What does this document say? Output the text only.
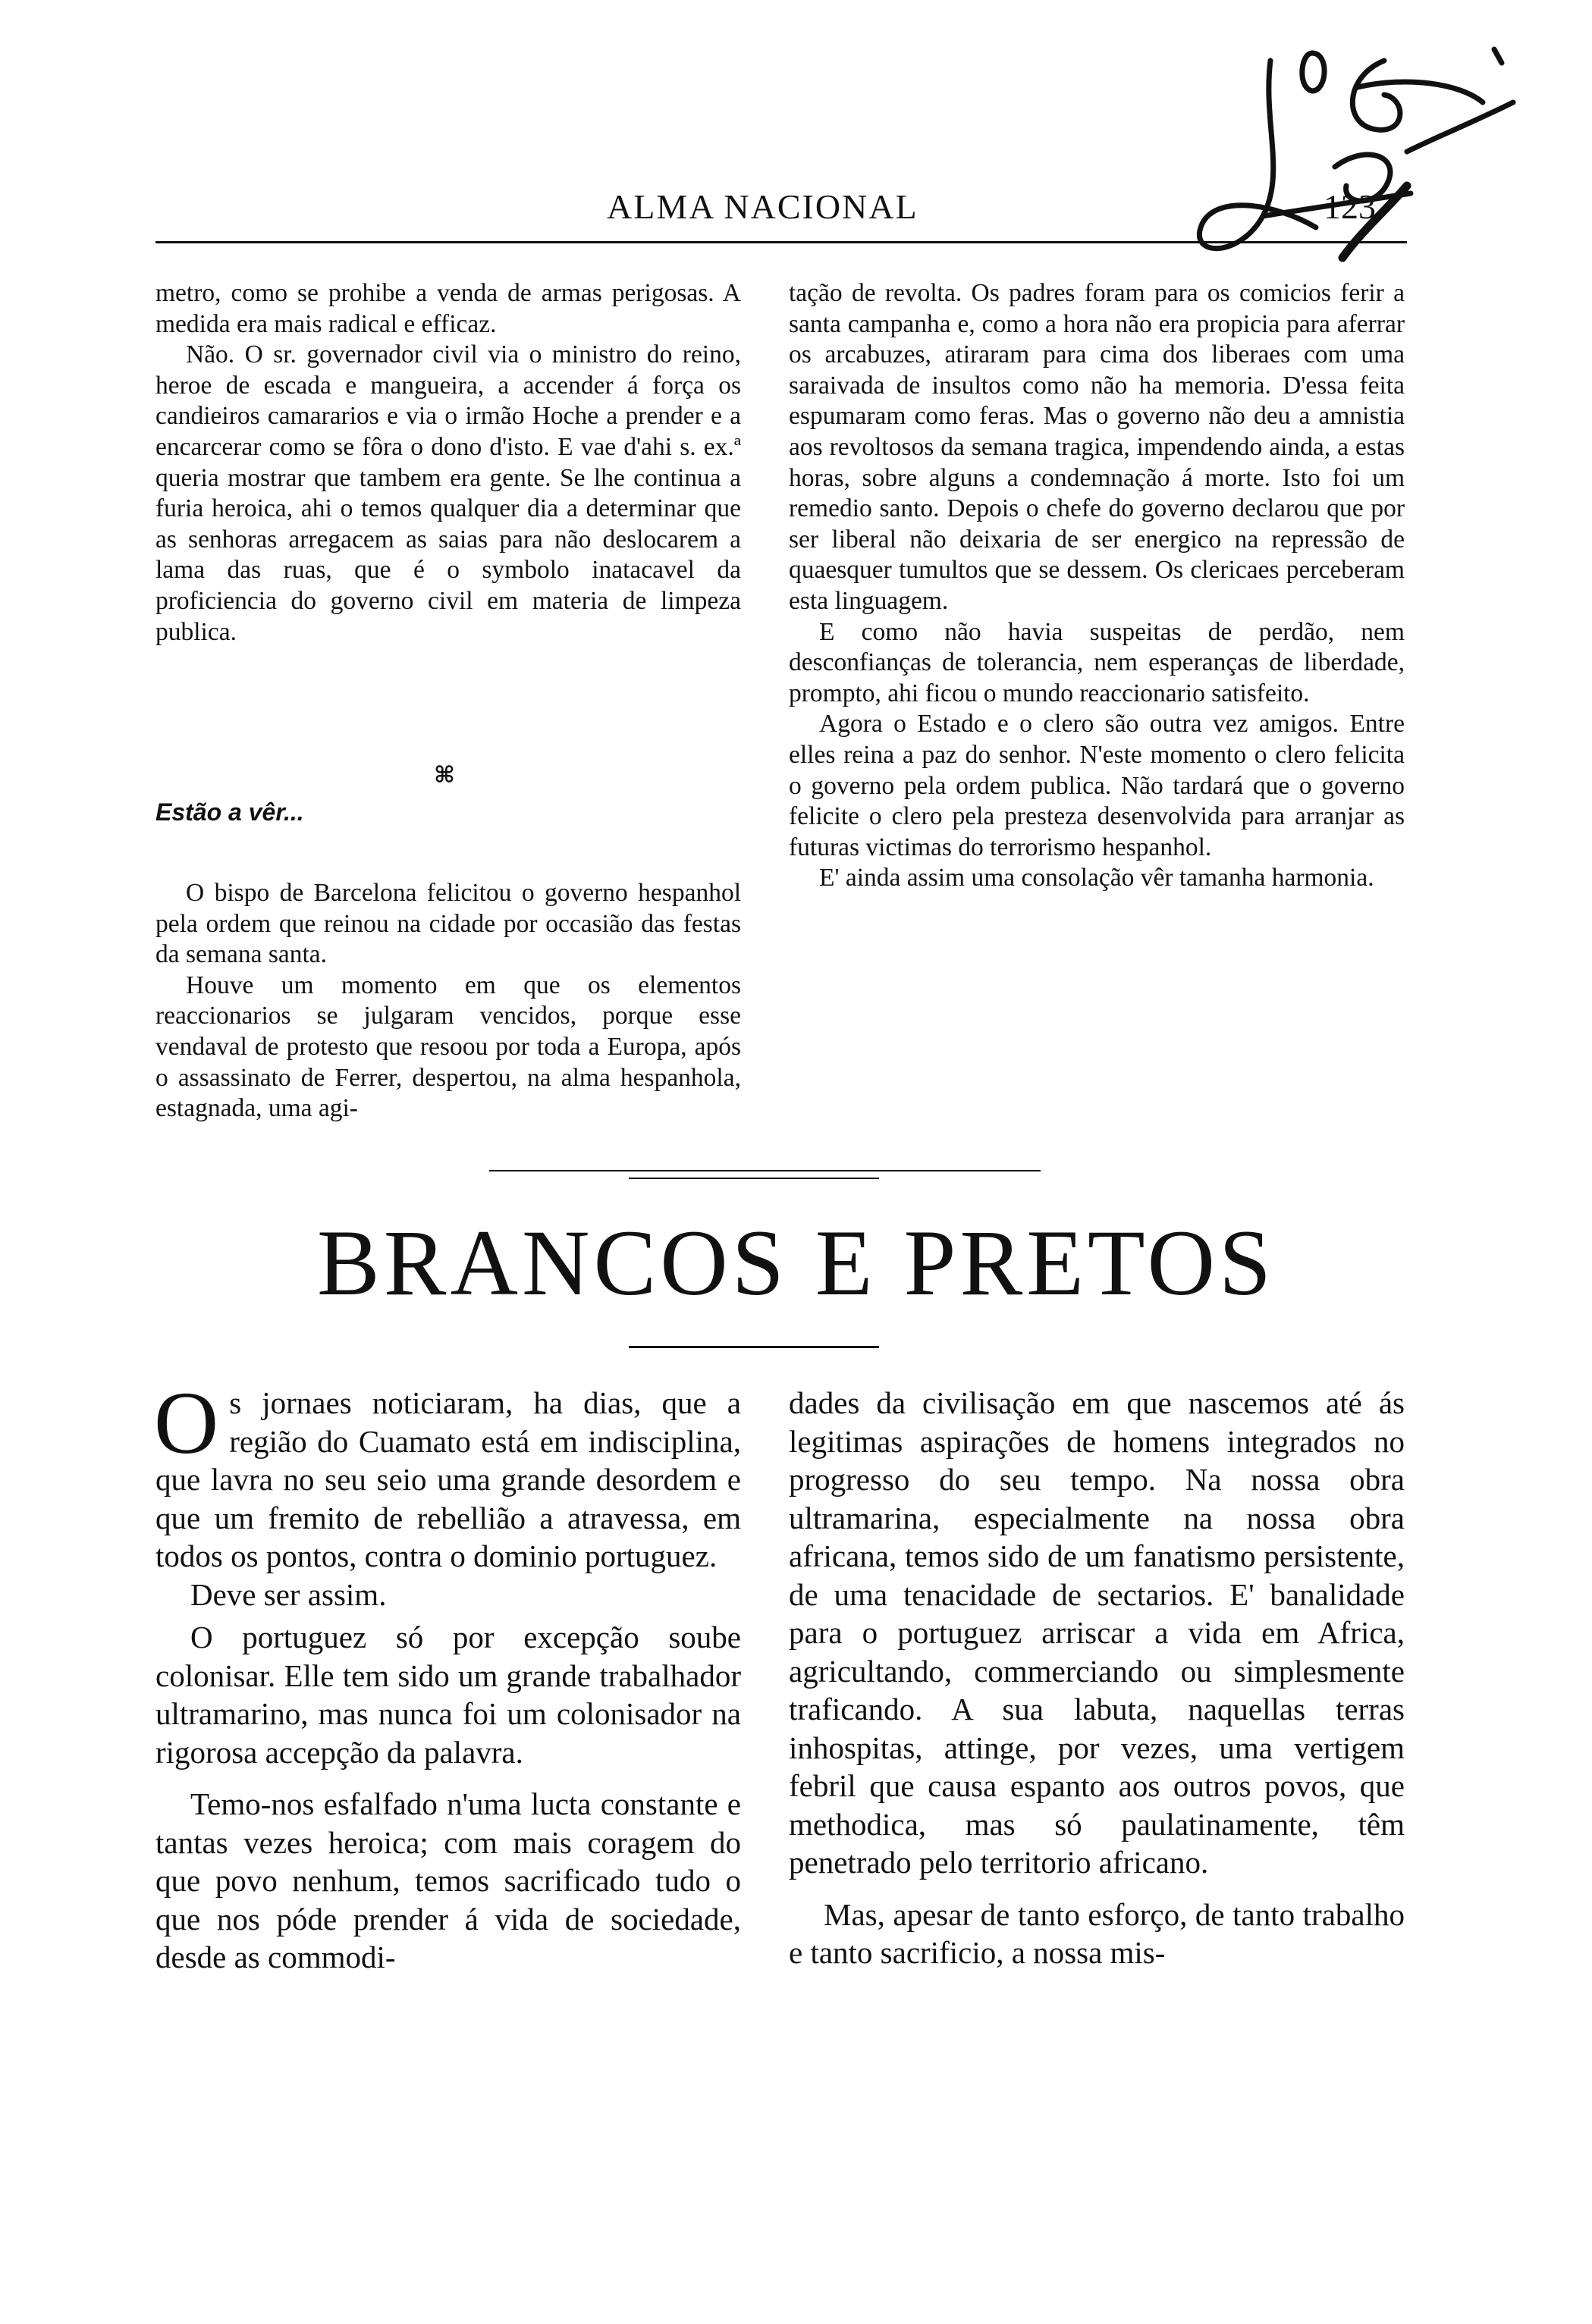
ALMA NACIONAL	123

metro, como se prohibe a venda de armas perigosas. A medida era mais radical e efficaz.

Não. O sr. governador civil via o ministro do reino, heroe de escada e mangueira, a accender á força os candieiros camararios e via o irmão Hoche a prender e a encarcerar como se fôra o dono d'isto. E vae d'ahi s. ex.ª queria mostrar que tambem era gente. Se lhe continua a furia heroica, ahi o temos qualquer dia a determinar que as senhoras arregacem as saias para não deslocarem a lama das ruas, que é o symbolo inatacavel da proficiencia do governo civil em materia de limpeza publica.

⌘
Estão a vêr...

O bispo de Barcelona felicitou o governo hespanhol pela ordem que reinou na cidade por occasião das festas da semana santa.

Houve um momento em que os elementos reaccionarios se julgaram vencidos, porque esse vendaval de protesto que resoou por toda a Europa, após o assassinato de Ferrer, despertou, na alma hespanhola, estagnada, uma agi-

tação de revolta. Os padres foram para os comicios ferir a santa campanha e, como a hora não era propicia para aferrar os arcabuzes, atiraram para cima dos liberaes com uma saraivada de insultos como não ha memoria. D'essa feita espumaram como feras. Mas o governo não deu a amnistia aos revoltosos da semana tragica, impendendo ainda, a estas horas, sobre alguns a condemnação á morte. Isto foi um remedio santo. Depois o chefe do governo declarou que por ser liberal não deixaria de ser energico na repressão de quaesquer tumultos que se dessem. Os clericaes perceberam esta linguagem.

E como não havia suspeitas de perdão, nem desconfianças de tolerancia, nem esperanças de liberdade, prompto, ahi ficou o mundo reaccionario satisfeito.

Agora o Estado e o clero são outra vez amigos. Entre elles reina a paz do senhor. N'este momento o clero felicita o governo pela ordem publica. Não tardará que o governo felicite o clero pela presteza desenvolvida para arranjar as futuras victimas do terrorismo hespanhol.

E' ainda assim uma consolação vêr tamanha harmonia.

BRANCOS E PRETOS

Os jornaes noticiaram, ha dias, que a região do Cuamato está em indisciplina, que lavra no seu seio uma grande desordem e que um fremito de rebellião a atravessa, em todos os pontos, contra o dominio portuguez.

Deve ser assim.

O portuguez só por excepção soube colonisar. Elle tem sido um grande trabalhador ultramarino, mas nunca foi um colonisador na rigorosa accepção da palavra.

Temo-nos esfalfado n'uma lucta constante e tantas vezes heroica; com mais coragem do que povo nenhum, temos sacrificado tudo o que nos póde prender á vida de sociedade, desde as commodi-

dades da civilisação em que nascemos até ás legitimas aspirações de homens integrados no progresso do seu tempo. Na nossa obra ultramarina, especialmente na nossa obra africana, temos sido de um fanatismo persistente, de uma tenacidade de sectarios. E' banalidade para o portuguez arriscar a vida em Africa, agricultando, commerciando ou simplesmente traficando. A sua labuta, naquellas terras inhospitas, attinge, por vezes, uma vertigem febril que causa espanto aos outros povos, que methodica, mas só paulatinamente, têm penetrado pelo territorio africano.

Mas, apesar de tanto esforço, de tanto trabalho e tanto sacrificio, a nossa mis-
